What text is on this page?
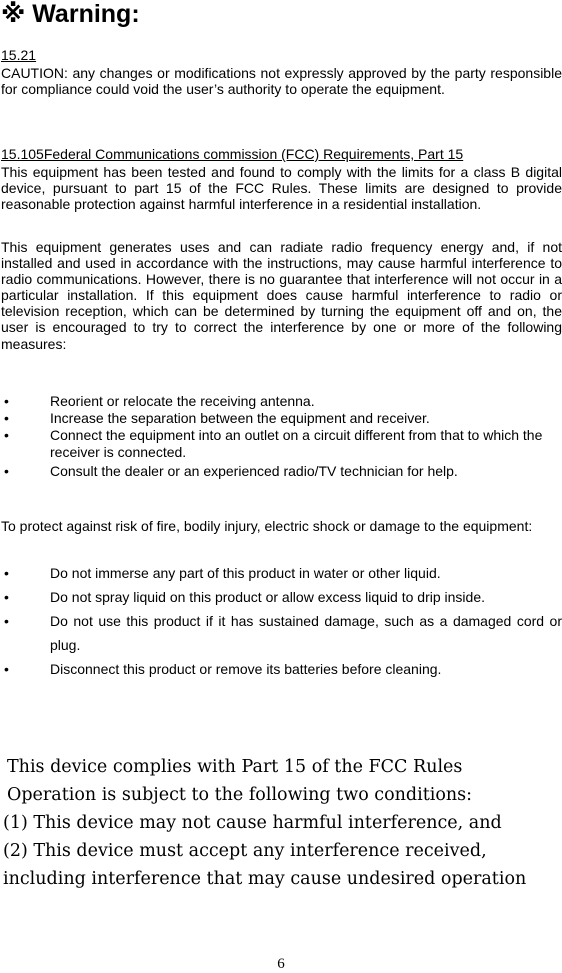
※ Warning:
15.21
CAUTION: any changes or modifications not expressly approved by the party responsible for compliance could void the user’s authority to operate the equipment.
15.105Federal Communications commission (FCC) Requirements, Part 15
This equipment has been tested and found to comply with the limits for a class B digital device, pursuant to part 15 of the FCC Rules. These limits are designed to provide reasonable protection against harmful interference in a residential installation.
This equipment generates uses and can radiate radio frequency energy and, if not installed and used in accordance with the instructions, may cause harmful interference to radio communications. However, there is no guarantee that interference will not occur in a particular installation. If this equipment does cause harmful interference to radio or television reception, which can be determined by turning the equipment off and on, the user is encouraged to try to correct the interference by one or more of the following measures:
•	Reorient or relocate the receiving antenna.
•	Increase the separation between the equipment and receiver.
•	Connect the equipment into an outlet on a circuit different from that to which the receiver is connected.
•	Consult the dealer or an experienced radio/TV technician for help.
To protect against risk of fire, bodily injury, electric shock or damage to the equipment:
•	Do not immerse any part of this product in water or other liquid.
•	Do not spray liquid on this product or allow excess liquid to drip inside.
•	Do not use this product if it has sustained damage, such as a damaged cord or plug.
•	Disconnect this product or remove its batteries before cleaning.
This device complies with Part 15 of the FCC Rules
Operation is subject to the following two conditions:
(1) This device may not cause harmful interference, and
(2) This device must accept any interference received,
including interference that may cause undesired operation
6
